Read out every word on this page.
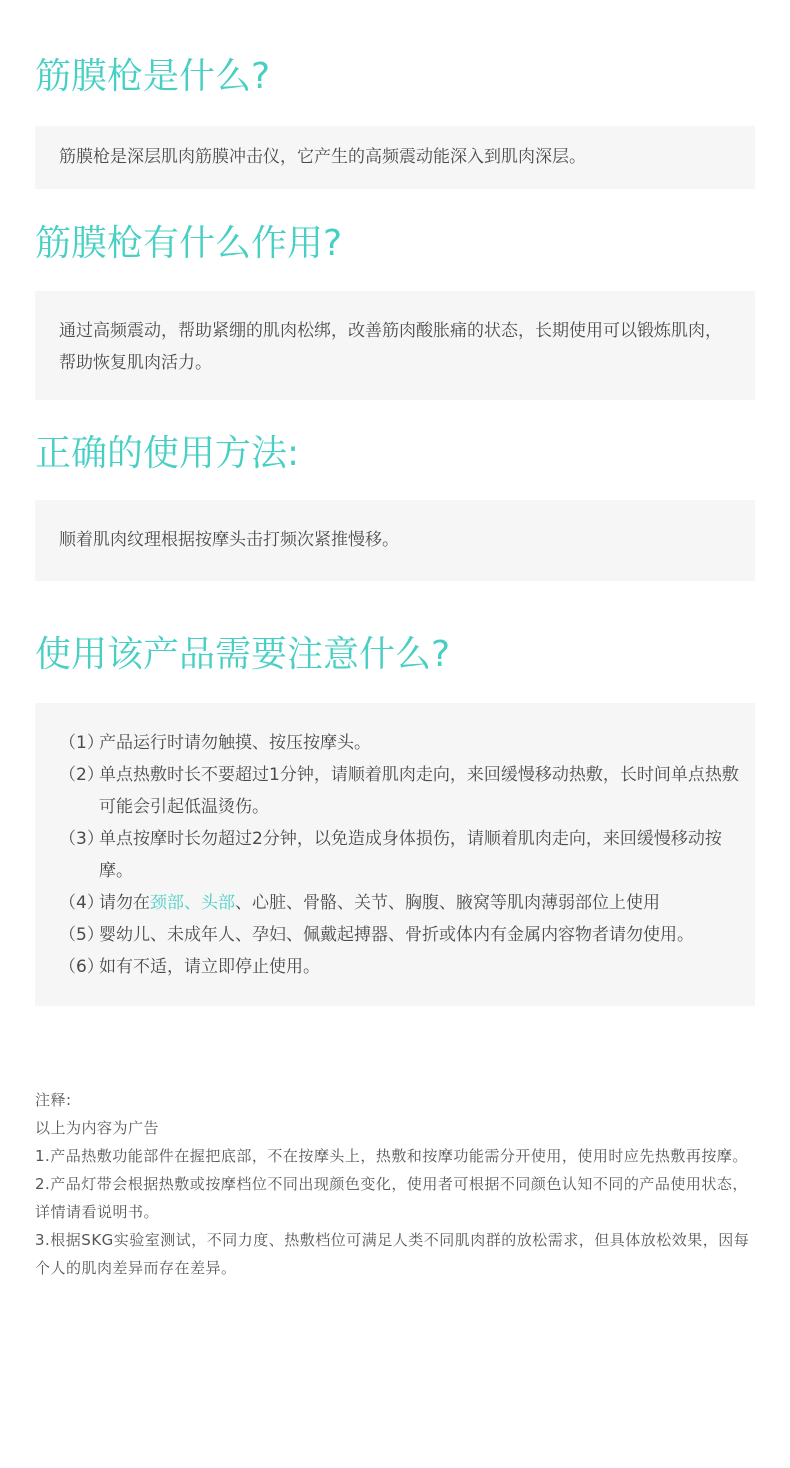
筋膜枪是什么?

筋膜枪是深层肌肉筋膜冲击仪，它产生的高频震动能深入到肌肉深层。

筋膜枪有什么作用?

通过高频震动，帮助紧绷的肌肉松绑，改善筋肉酸胀痛的状态，长期使用可以锻炼肌肉，帮助恢复肌肉活力。

正确的使用方法:

顺着肌肉纹理根据按摩头击打频次紧推慢移。

使用该产品需要注意什么?
（1）
产品运行时请勿触摸、按压按摩头。
（2）
单点热敷时长不要超过1分钟，请顺着肌肉走向，来回缓慢移动热敷，长时间单点热敷可能会引起低温烫伤。
（3）
单点按摩时长勿超过2分钟，以免造成身体损伤，请顺着肌肉走向，来回缓慢移动按摩。
（4）
请勿在颈部、头部、心脏、骨骼、关节、胸腹、腋窝等肌肉薄弱部位上使用
（5）
婴幼儿、未成年人、孕妇、佩戴起搏器、骨折或体内有金属内容物者请勿使用。
（6）
如有不适，请立即停止使用。
注释:
以上为内容为广告
1.产品热敷功能部件在握把底部，不在按摩头上，热敷和按摩功能需分开使用，使用时应先热敷再按摩。
2.产品灯带会根据热敷或按摩档位不同出现颜色变化，使用者可根据不同颜色认知不同的产品使用状态，详情请看说明书。
3.根据SKG实验室测试，不同力度、热敷档位可满足人类不同肌肉群的放松需求，但具体放松效果，因每个人的肌肉差异而存在差异。
